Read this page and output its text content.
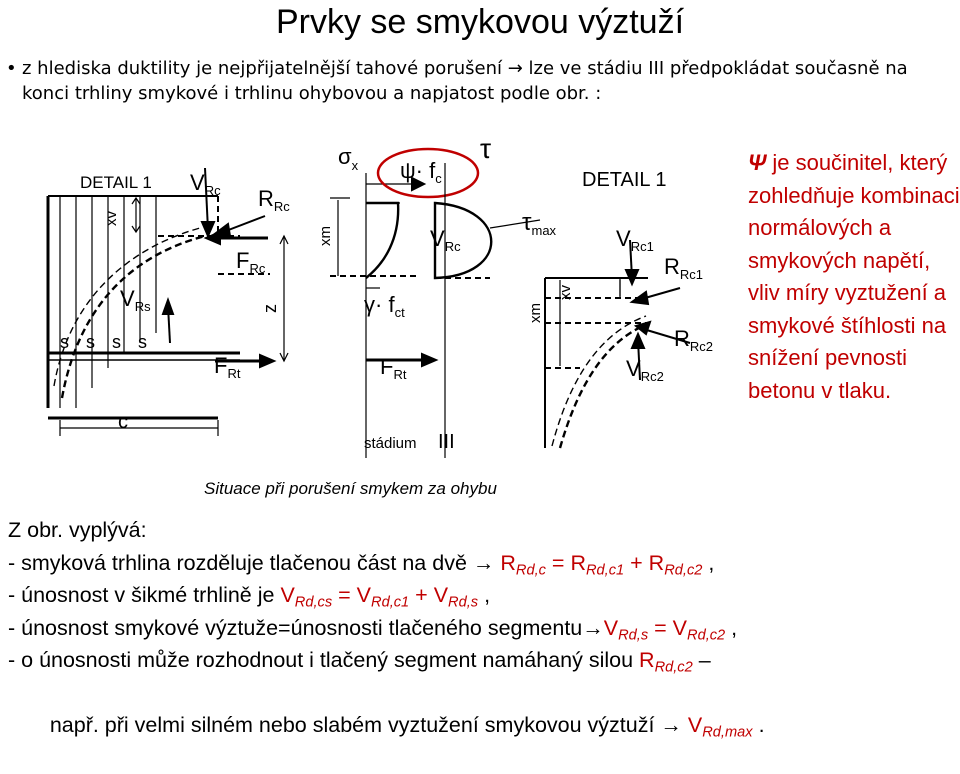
Prvky se smykovou výztuží
• z hlediska duktility je nejpřijatelnější tahové porušení → lze ve stádiu III předpokládat současně na konci trhliny smykové i trhlinu ohybovou a napjatost podle obr. :
DETAIL 1 $V_{Rc}$ $R_{Rc}$
$F_{Rc}$
$V_{Rs}$
$F_{Rt}$
s s s s
c
z
xv
$\sigma_x$ $\psi\cdot f_c$
τ
$\tau_{max}$
xm	$V_{Rc}$
$\gamma\cdot f_{ct}$
$F_{Rt}$
stádium III
DETAIL 1
$V_{Rc1}$
$R_{Rc1}$
$R_{Rc2}$
$V_{Rc2}$
xm
xv
Situace při porušení smykem za ohybu
Ψ je součinitel, který zohledňuje kombinaci normálových a smykových napětí, vliv míry vyztužení a smykové štíhlosti na snížení pevnosti betonu v tlaku.
Z obr. vyplývá:
- smyková trhlina rozděluje tlačenou část na dvě → $R_{Rd,c} = R_{Rd,c1} + R_{Rd,c2}$ ,
- únosnost v šikmé trhlině je $V_{Rd,cs} = V_{Rd,c1} + V_{Rd,s}$ ,
- únosnost smykové výztuže=únosnosti tlačeného $segmentu\to V_{Rd,s} = V_{Rd,c2}$ ,
- o únosnosti může rozhodnout i tlačený segment namáhaný silou $R_{Rd,c2}$ –

např. při velmi silném nebo slabém vyztužení smykovou výztuží → $V_{Rd,max}$ .
